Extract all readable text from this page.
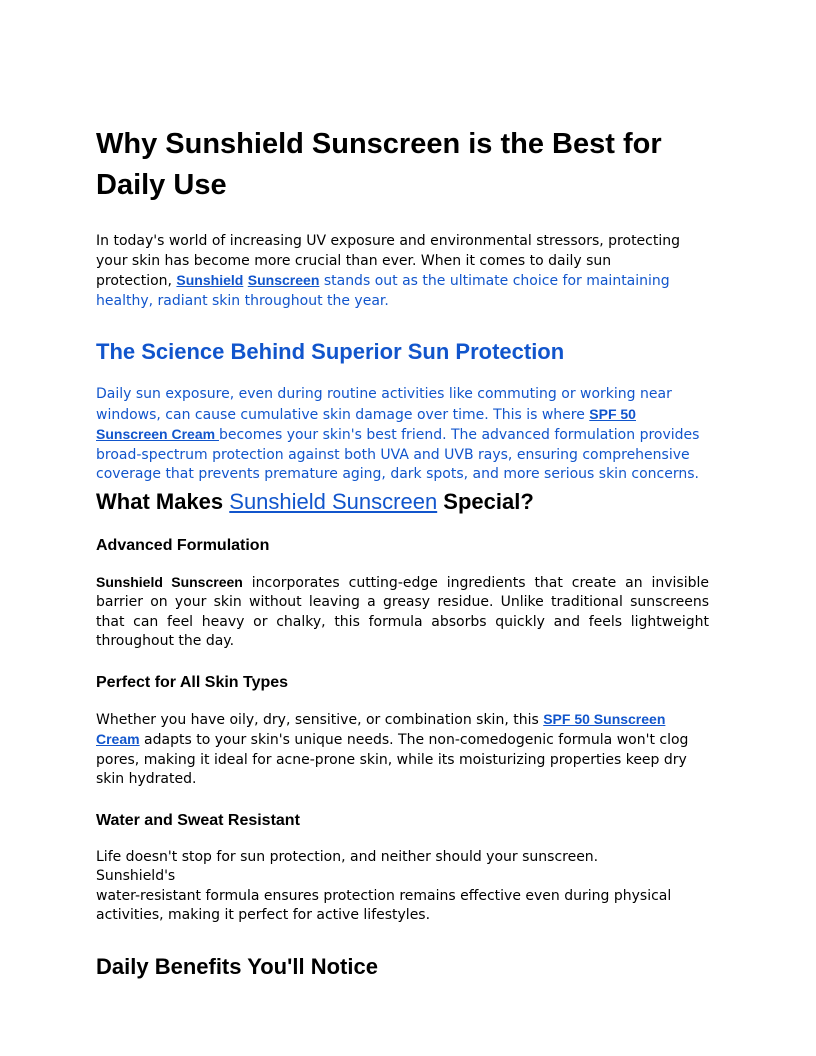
Why Sunshield Sunscreen is the Best for Daily Use

In today's world of increasing UV exposure and environmental stressors, protecting your skin has become more crucial than ever. When it comes to daily sun protection, Sunshield Sunscreen stands out as the ultimate choice for maintaining healthy, radiant skin throughout the year.

The Science Behind Superior Sun Protection

Daily sun exposure, even during routine activities like commuting or working near windows, can cause cumulative skin damage over time. This is where SPF 50 Sunscreen Cream becomes your skin's best friend. The advanced formulation provides broad-spectrum protection against both UVA and UVB rays, ensuring comprehensive coverage that prevents premature aging, dark spots, and more serious skin concerns.

What Makes Sunshield Sunscreen Special?
Advanced Formulation

Sunshield Sunscreen incorporates cutting-edge ingredients that create an invisible barrier on your skin without leaving a greasy residue. Unlike traditional sunscreens that can feel heavy or chalky, this formula absorbs quickly and feels lightweight throughout the day.

Perfect for All Skin Types

Whether you have oily, dry, sensitive, or combination skin, this SPF 50 Sunscreen Cream adapts to your skin's unique needs. The non-comedogenic formula won't clog pores, making it ideal for acne-prone skin, while its moisturizing properties keep dry skin hydrated.

Water and Sweat Resistant

Life doesn't stop for sun protection, and neither should your sunscreen. Sunshield's
water-resistant formula ensures protection remains effective even during physical activities, making it perfect for active lifestyles.

Daily Benefits You'll Notice
